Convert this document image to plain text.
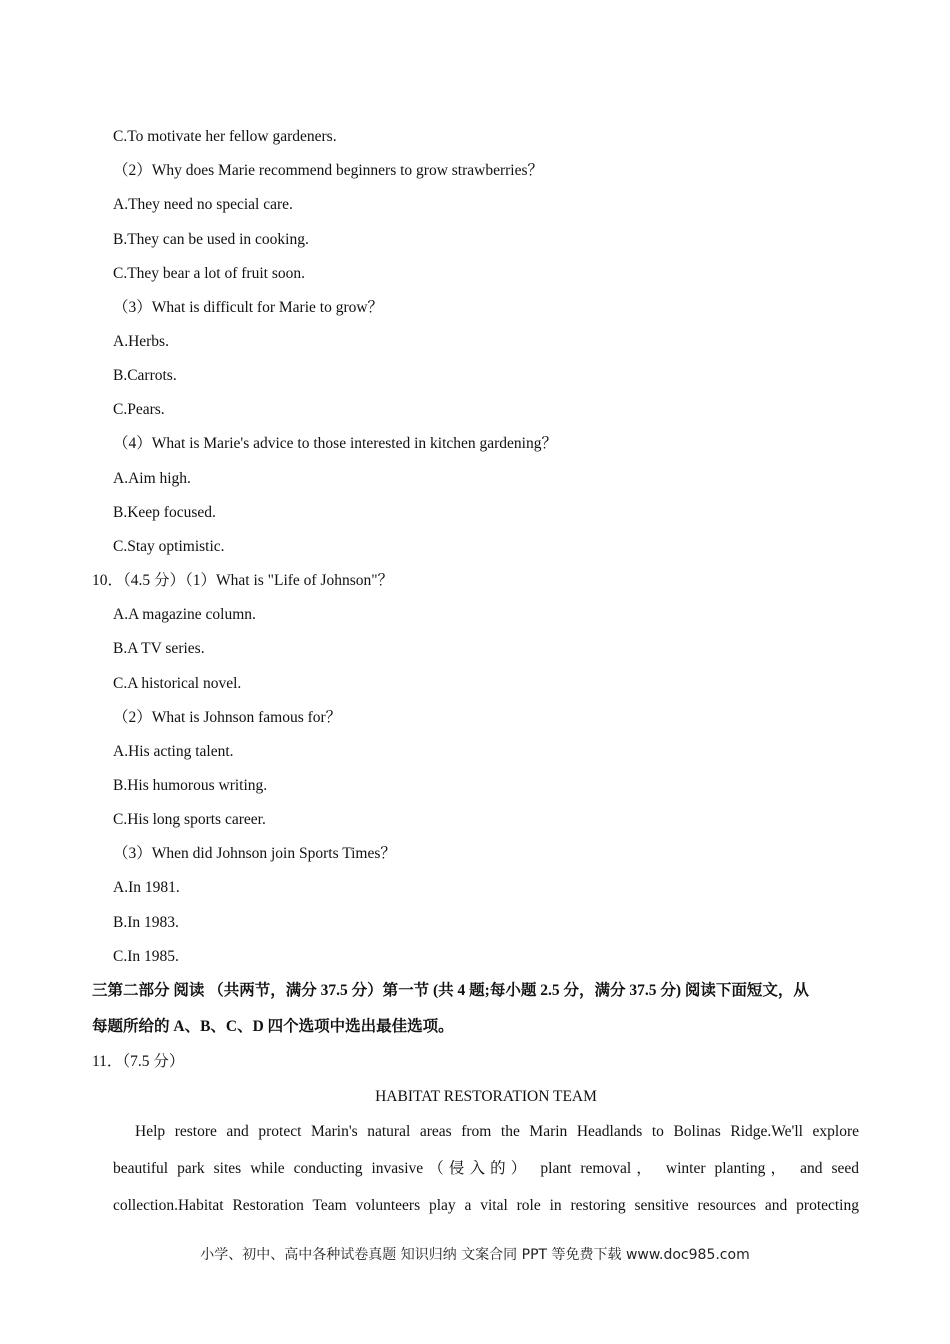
C.To motivate her fellow gardeners.
（2）Why does Marie recommend beginners to grow strawberries？
A.They need no special care.
B.They can be used in cooking.
C.They bear a lot of fruit soon.
（3）What is difficult for Marie to grow？
A.Herbs.
B.Carrots.
C.Pears.
（4）What is Marie's advice to those interested in kitchen gardening？
A.Aim high.
B.Keep focused.
C.Stay optimistic.
10．（4.5 分）（1）What is "Life of Johnson"？
A.A magazine column.
B.A TV series.
C.A historical novel.
（2）What is Johnson famous for？
A.His acting talent.
B.His humorous writing.
C.His long sports career.
（3）When did Johnson join Sports Times？
A.In 1981.
B.In 1983.
C.In 1985.
三第二部分 阅读 （共两节，满分 37.5 分）第一节 (共 4 题;每小题 2.5 分，满分 37.5 分) 阅读下面短文，从
每题所给的 A、B、C、D 四个选项中选出最佳选项。
11．（7.5 分）
HABITAT RESTORATION TEAM
Help restore and protect Marin's natural areas from the Marin Headlands to Bolinas Ridge.We'll explore
beautiful park sites while conducting invasive（侵入的） plant removal， winter planting， and seed
collection.Habitat Restoration Team volunteers play a vital role in restoring sensitive resources and protecting
小学、初中、高中各种试卷真题 知识归纳 文案合同 PPT 等免费下载 www.doc985.com
